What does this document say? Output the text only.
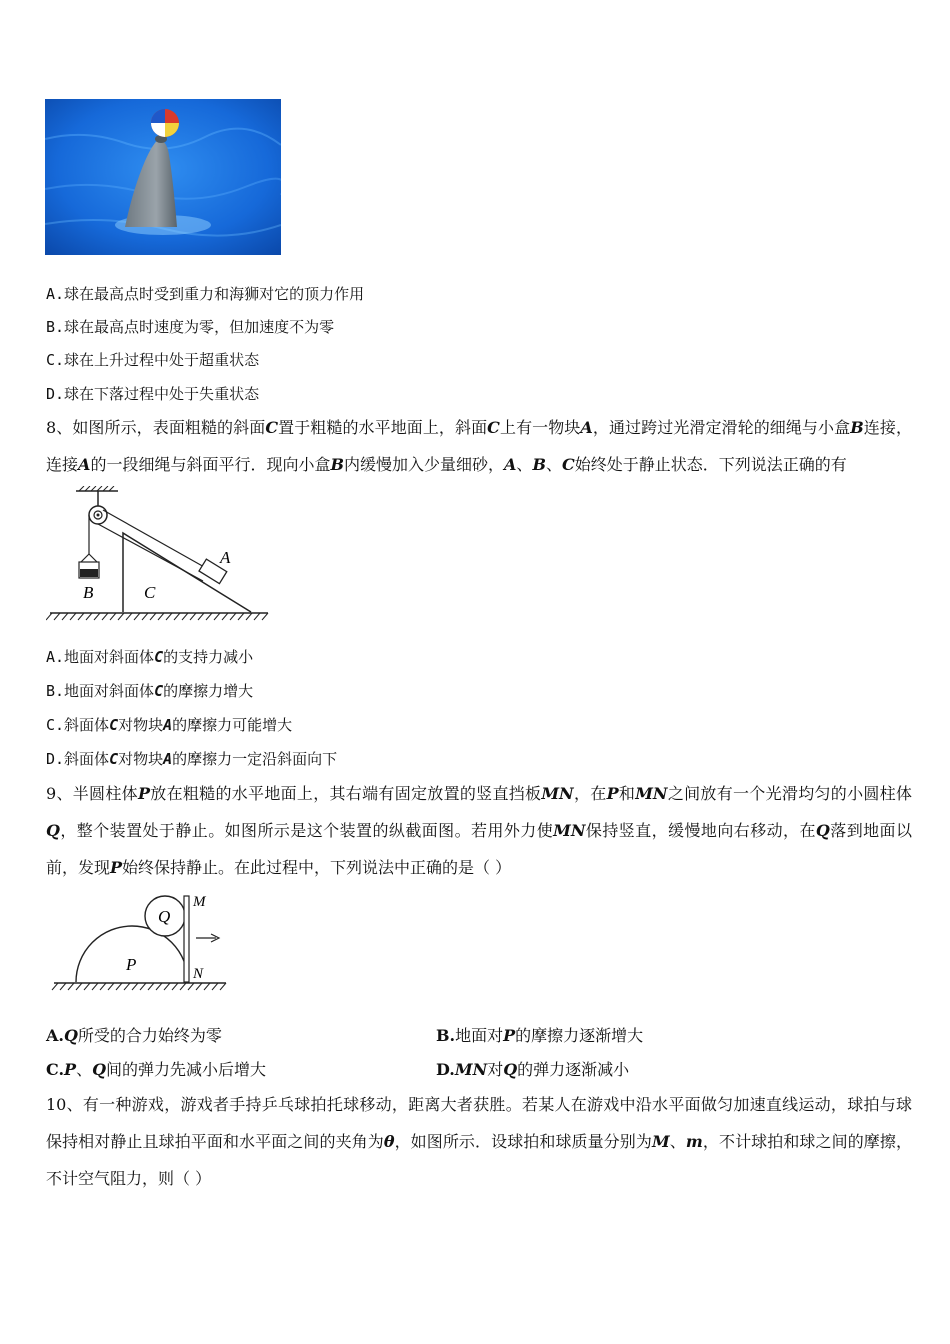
A.球在最高点时受到重力和海狮对它的顶力作用
B.球在最高点时速度为零，但加速度不为零
C.球在上升过程中处于超重状态
D.球在下落过程中处于失重状态
8、如图所示，表面粗糙的斜面C置于粗糙的水平地面上，斜面C上有一物块A，通过跨过光滑定滑轮的细绳与小盒B连接，连接A的一段细绳与斜面平行．现向小盒B内缓慢加入少量细砂，A、B、C始终处于静止状态．下列说法正确的有
B	C
A
A.地面对斜面体C的支持力减小
B.地面对斜面体C的摩擦力增大
C.斜面体C对物块A的摩擦力可能增大
D.斜面体C对物块A的摩擦力一定沿斜面向下
9、半圆柱体P放在粗糙的水平地面上，其右端有固定放置的竖直挡板MN，在P和MN之间放有一个光滑均匀的小圆柱体Q，整个装置处于静止。如图所示是这个装置的纵截面图。若用外力使MN保持竖直，缓慢地向右移动，在Q落到地面以前，发现P始终保持静止。在此过程中，下列说法中正确的是（ ）
P
Q
M
N
A.Q所受的合力始终为零	B.地面对P的摩擦力逐渐增大
C.P、Q间的弹力先减小后增大	D.MN对Q的弹力逐渐减小
10、有一种游戏，游戏者手持乒乓球拍托球移动，距离大者获胜。若某人在游戏中沿水平面做匀加速直线运动，球拍与球保持相对静止且球拍平面和水平面之间的夹角为θ，如图所示．设球拍和球质量分别为M、m，不计球拍和球之间的摩擦，不计空气阻力，则（ ）
